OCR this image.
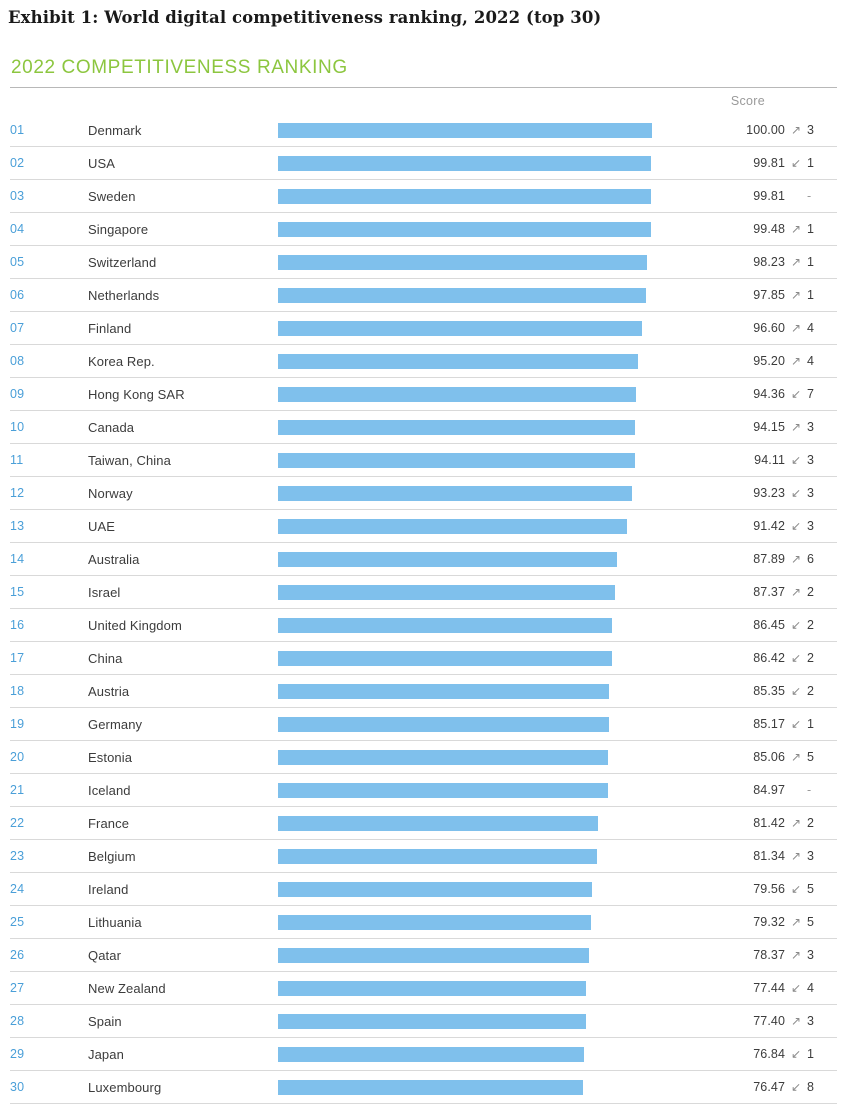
Exhibit 1: World digital competitiveness ranking, 2022 (top 30)
2022 COMPETITIVENESS RANKING
Score
01	Denmark		100.00	↗	3
02	USA		99.81	↙	1
03	Sweden		99.81		-
04	Singapore		99.48	↗	1
05	Switzerland		98.23	↗	1
06	Netherlands		97.85	↗	1
07	Finland		96.60	↗	4
08	Korea Rep.		95.20	↗	4
09	Hong Kong SAR		94.36	↙	7
10	Canada		94.15	↗	3
11	Taiwan, China		94.11	↙	3
12	Norway		93.23	↙	3
13	UAE		91.42	↙	3
14	Australia		87.89	↗	6
15	Israel		87.37	↗	2
16	United Kingdom		86.45	↙	2
17	China		86.42	↙	2
18	Austria		85.35	↙	2
19	Germany		85.17	↙	1
20	Estonia		85.06	↗	5
21	Iceland		84.97		-
22	France		81.42	↗	2
23	Belgium		81.34	↗	3
24	Ireland		79.56	↙	5
25	Lithuania		79.32	↗	5
26	Qatar		78.37	↗	3
27	New Zealand		77.44	↙	4
28	Spain		77.40	↗	3
29	Japan		76.84	↙	1
30	Luxembourg		76.47	↙	8
